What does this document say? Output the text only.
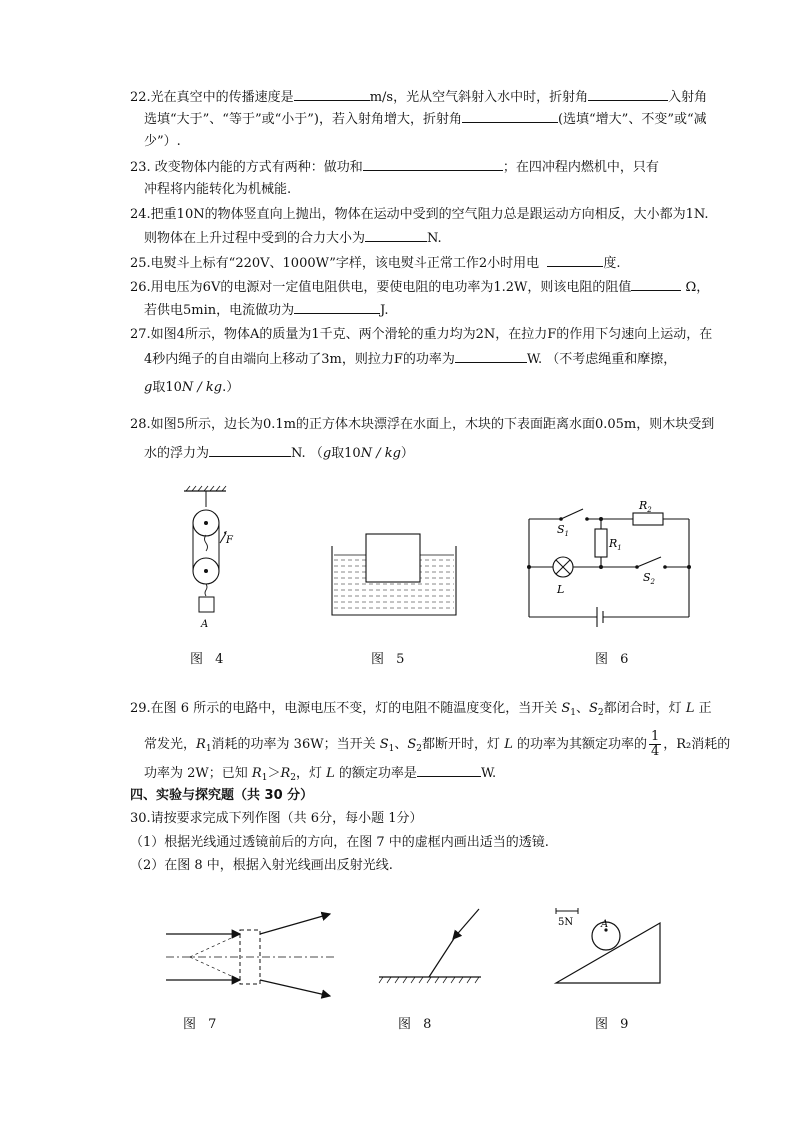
22.光在真空中的传播速度是	m/s，光从空气斜射入水中时，折射角	入射角
选填“大于”、“等于”或“小于”)，若入射角增大，折射角	(选填“增大”、不变”或“减
少”）.
23. 改变物体内能的方式有两种：做功和	；在四冲程内燃机中，只有
冲程将内能转化为机械能.
24.把重10N的物体竖直向上抛出，物体在运动中受到的空气阻力总是跟运动方向相反，大小都为1N.
则物体在上升过程中受到的合力大小为	N.
25.电熨斗上标有“220V、1000W”字样，该电熨斗正常工作2小时用电	度.
26.用电压为6V的电源对一定值电阻供电，要使电阻的电功率为1.2W，则该电阻的阻值	Ω，
若供电5min，电流做功为	J.
27.如图4所示，物体A的质量为1千克、两个滑轮的重力均为2N，在拉力F的作用下匀速向上运动，在
4秒内绳子的自由端向上移动了3m，则拉力F的功率为	W. （不考虑绳重和摩擦，
g取10N / kg.）
28.如图5所示，边长为0.1m的正方体木块漂浮在水面上，木块的下表面距离水面0.05m，则木块受到
水的浮力为	N. （g取10N / kg）
F
A
$R_2$
$R_1$
$S_1$
$S_2$
L
图 4	图 5	图 6
29.在图 6 所示的电路中，电源电压不变，灯的电阻不随温度变化，当开关 $S_1$、$S_2$都闭合时，灯 L 正
常发光，$R_1$消耗的功率为 36W；当开关 $S_1$、$S_2$都断开时，灯 L 的功率为其额定功率的 $\frac{1}{4}$ ，R₂消耗的
功率为 2W；已知 $R_1>R_2$，灯 L 的额定功率是	W.
四、实验与探究题（共 30 分）
30.请按要求完成下列作图（共 6分，每小题 1分）
（1）根据光线通过透镜前后的方向，在图 7 中的虚框内画出适当的透镜.
（2）在图 8 中，根据入射光线画出反射光线.
5N	A
图 7	图 8	图 9
